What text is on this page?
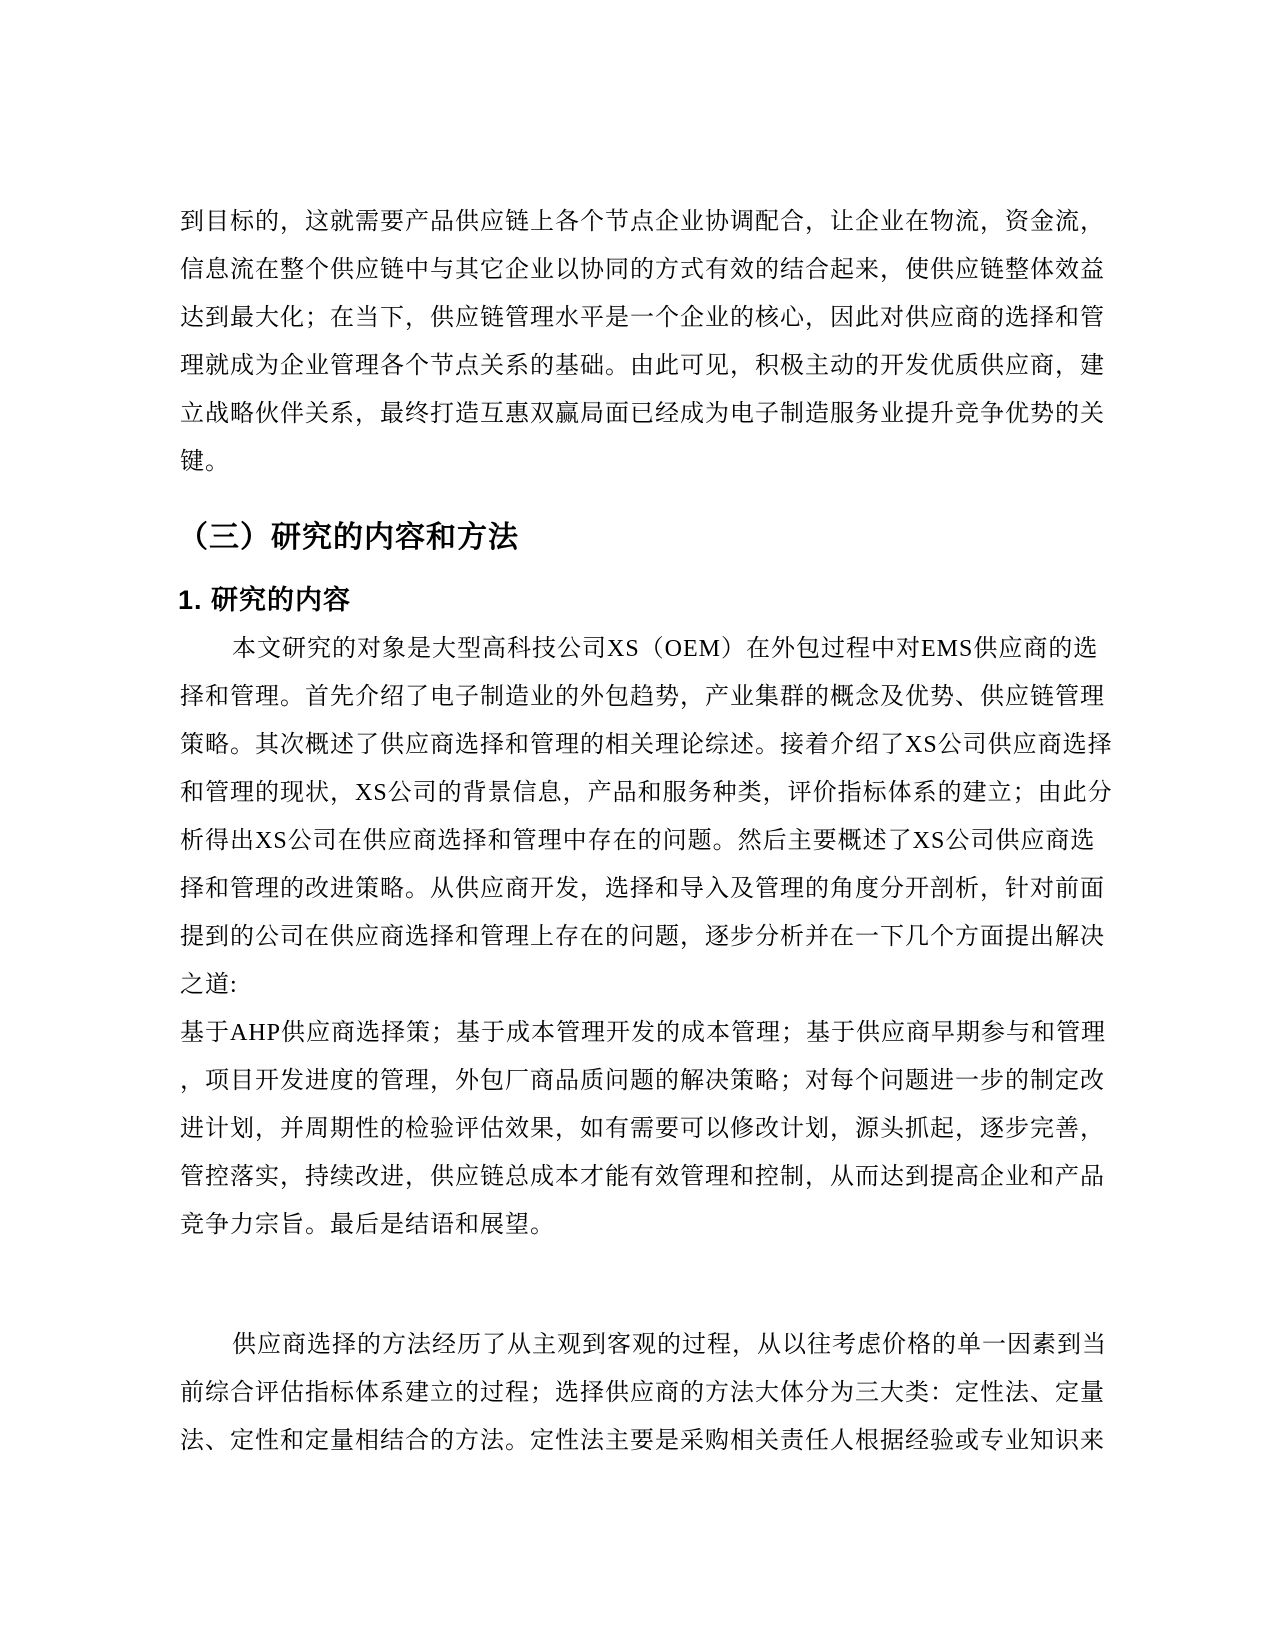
到目标的，这就需要产品供应链上各个节点企业协调配合，让企业在物流，资金流，
信息流在整个供应链中与其它企业以协同的方式有效的结合起来，使供应链整体效益
达到最大化；在当下，供应链管理水平是一个企业的核心，因此对供应商的选择和管
理就成为企业管理各个节点关系的基础。由此可见，积极主动的开发优质供应商，建
立战略伙伴关系，最终打造互惠双赢局面已经成为电子制造服务业提升竞争优势的关
键。
（三）研究的内容和方法
1. 研究的内容
本文研究的对象是大型高科技公司XS（OEM）在外包过程中对EMS供应商的选
择和管理。首先介绍了电子制造业的外包趋势，产业集群的概念及优势、供应链管理
策略。其次概述了供应商选择和管理的相关理论综述。接着介绍了XS公司供应商选择
和管理的现状，XS公司的背景信息，产品和服务种类，评价指标体系的建立；由此分
析得出XS公司在供应商选择和管理中存在的问题。然后主要概述了XS公司供应商选
择和管理的改进策略。从供应商开发，选择和导入及管理的角度分开剖析，针对前面
提到的公司在供应商选择和管理上存在的问题，逐步分析并在一下几个方面提出解决
之道:
基于AHP供应商选择策；基于成本管理开发的成本管理；基于供应商早期参与和管理
，项目开发进度的管理，外包厂商品质问题的解决策略；对每个问题进一步的制定改
进计划，并周期性的检验评估效果，如有需要可以修改计划，源头抓起，逐步完善，
管控落实，持续改进，供应链总成本才能有效管理和控制，从而达到提高企业和产品
竞争力宗旨。最后是结语和展望。
供应商选择的方法经历了从主观到客观的过程，从以往考虑价格的单一因素到当
前综合评估指标体系建立的过程；选择供应商的方法大体分为三大类：定性法、定量
法、定性和定量相结合的方法。定性法主要是采购相关责任人根据经验或专业知识来
